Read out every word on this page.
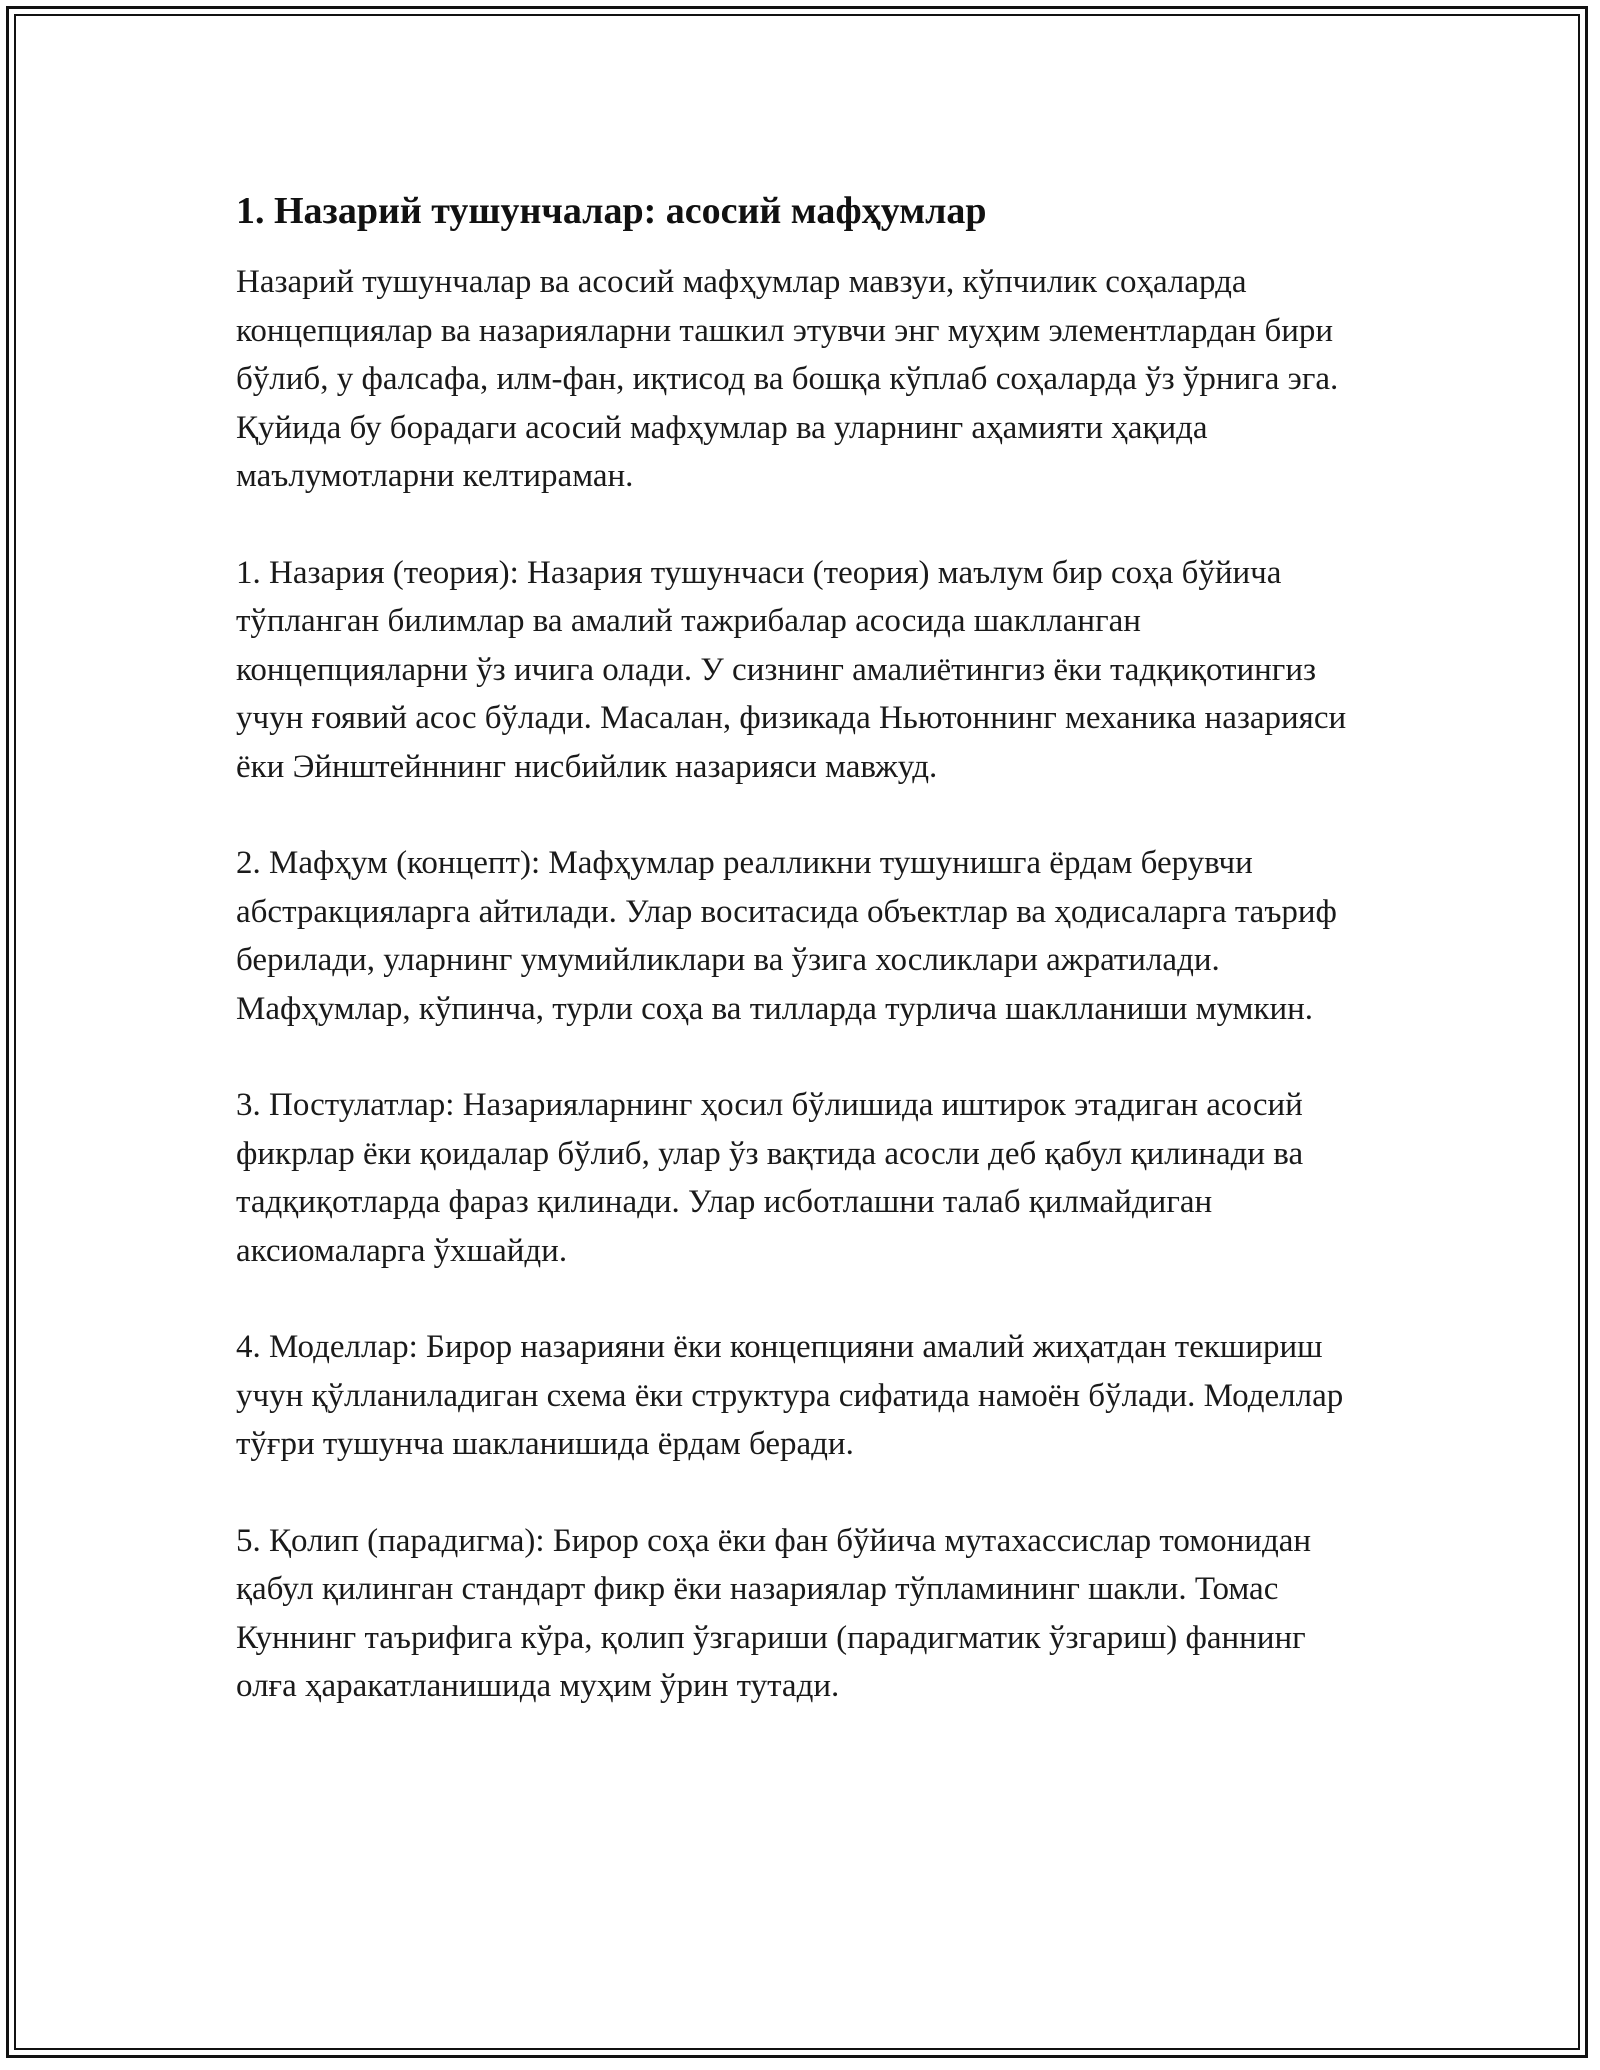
1. Назарий тушунчалар: асосий мафҳумлар

Назарий тушунчалар ва асосий мафҳумлар мавзуи, кўпчилик соҳаларда концепциялар ва назарияларни ташкил этувчи энг муҳим элементлардан бири бўлиб, у фалсафа, илм-фан, иқтисод ва бошқа кўплаб соҳаларда ўз ўрнига эга. Қуйида бу борадаги асосий мафҳумлар ва уларнинг аҳамияти ҳақида маълумотларни келтираман.

1. Назария (теория): Назария тушунчаси (теория) маълум бир соҳа бўйича тўпланган билимлар ва амалий тажрибалар асосида шаклланган концепцияларни ўз ичига олади. У сизнинг амалиётингиз ёки тадқиқотингиз учун ғоявий асос бўлади. Масалан, физикада Ньютоннинг механика назарияси ёки Эйнштейннинг нисбийлик назарияси мавжуд.

2. Мафҳум (концепт): Мафҳумлар реалликни тушунишга ёрдам берувчи абстракцияларга айтилади. Улар воситасида объектлар ва ҳодисаларга таъриф берилади, уларнинг умумийликлари ва ўзига хосликлари ажратилади. Мафҳумлар, кўпинча, турли соҳа ва тилларда турлича шаклланиши мумкин.

3. Постулатлар: Назарияларнинг ҳосил бўлишида иштирок этадиган асосий фикрлар ёки қоидалар бўлиб, улар ўз вақтида асосли деб қабул қилинади ва тадқиқотларда фараз қилинади. Улар исботлашни талаб қилмайдиган аксиомаларга ўхшайди.

4. Моделлар: Бирор назарияни ёки концепцияни амалий жиҳатдан текшириш учун қўлланиладиган схема ёки структура сифатида намоён бўлади. Моделлар тўғри тушунча шакланишида ёрдам беради.

5. Қолип (парадигма): Бирор соҳа ёки фан бўйича мутахассислар томонидан қабул қилинган стандарт фикр ёки назариялар тўпламининг шакли. Томас Куннинг таърифига кўра, қолип ўзгариши (парадигматик ўзгариш) фаннинг олға ҳаракатланишида муҳим ўрин тутади.
